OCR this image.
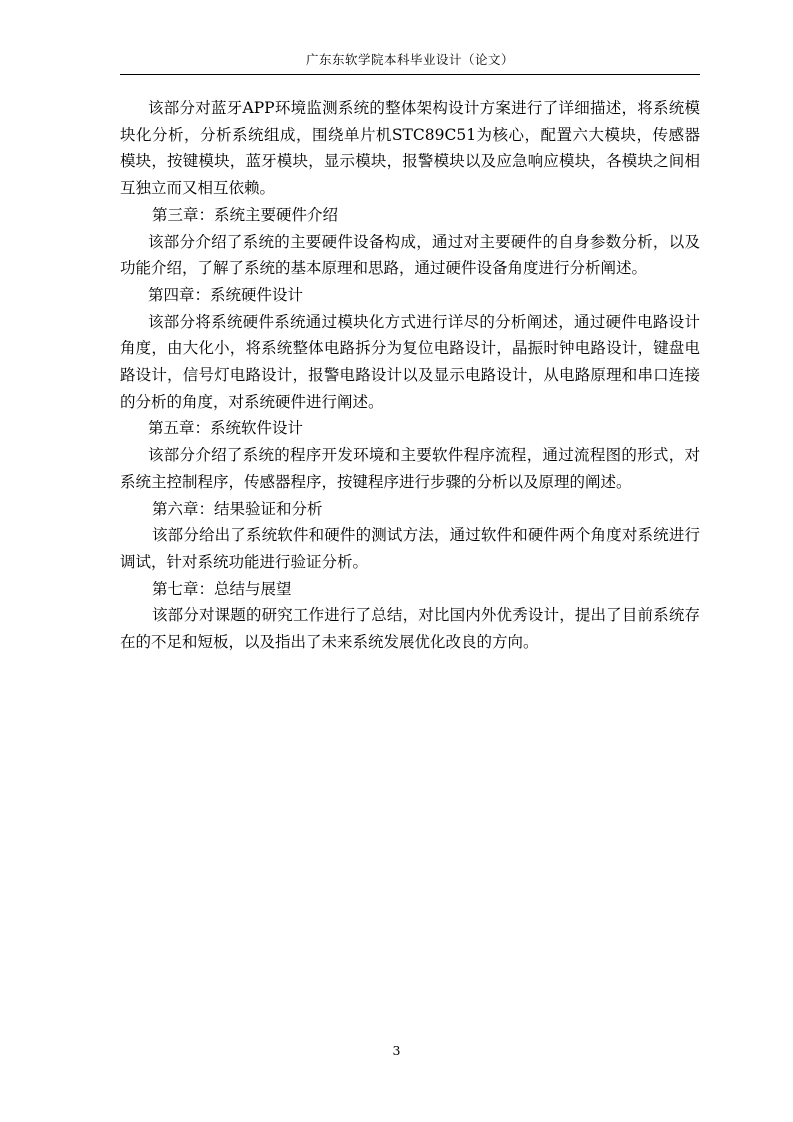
广东东软学院本科毕业设计（论文）

该部分对蓝牙APP环境监测系统的整体架构设计方案进行了详细描述，将系统模块化分析，分析系统组成，围绕单片机STC89C51为核心，配置六大模块，传感器模块，按键模块，蓝牙模块，显示模块，报警模块以及应急响应模块，各模块之间相互独立而又相互依赖。

第三章：系统主要硬件介绍

该部分介绍了系统的主要硬件设备构成，通过对主要硬件的自身参数分析，以及功能介绍，了解了系统的基本原理和思路，通过硬件设备角度进行分析阐述。

第四章：系统硬件设计

该部分将系统硬件系统通过模块化方式进行详尽的分析阐述，通过硬件电路设计角度，由大化小，将系统整体电路拆分为复位电路设计，晶振时钟电路设计，键盘电路设计，信号灯电路设计，报警电路设计以及显示电路设计，从电路原理和串口连接的分析的角度，对系统硬件进行阐述。

第五章：系统软件设计

该部分介绍了系统的程序开发环境和主要软件程序流程，通过流程图的形式，对系统主控制程序，传感器程序，按键程序进行步骤的分析以及原理的阐述。

第六章：结果验证和分析

该部分给出了系统软件和硬件的测试方法，通过软件和硬件两个角度对系统进行调试，针对系统功能进行验证分析。

第七章：总结与展望

该部分对课题的研究工作进行了总结，对比国内外优秀设计，提出了目前系统存在的不足和短板，以及指出了未来系统发展优化改良的方向。

3
